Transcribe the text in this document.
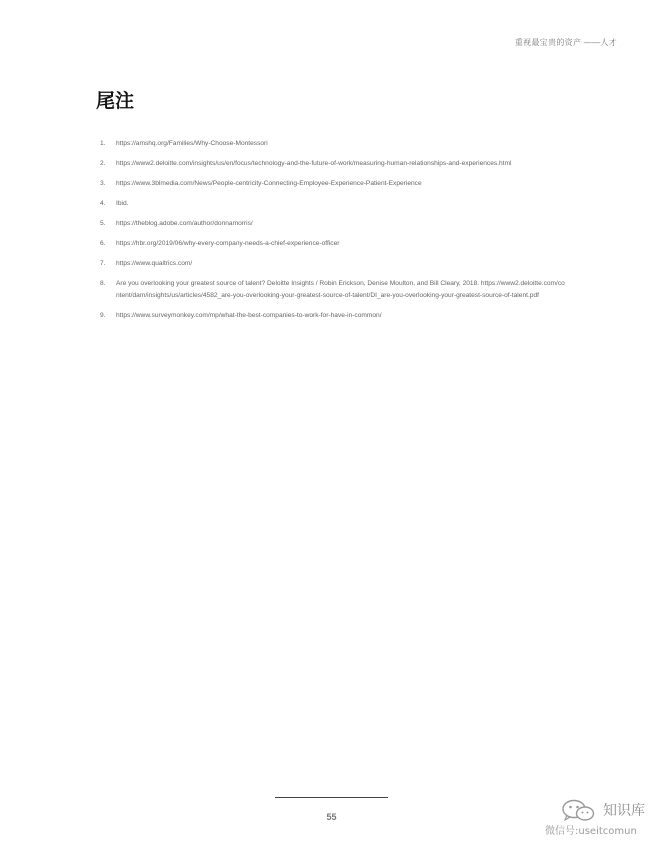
重视最宝贵的资产 ——人才
尾注
1.	https://amshq.org/Families/Why-Choose-Montessori
2.	https://www2.deloitte.com/insights/us/en/focus/technology-and-the-future-of-work/measuring-human-relationships-and-experiences.html
3.	https://www.3blmedia.com/News/People-centricity-Connecting-Employee-Experience-Patient-Experience
4.	Ibid.
5.	https://theblog.adobe.com/author/donnamorris/
6.	https://hbr.org/2019/06/why-every-company-needs-a-chief-experience-officer
7.	https://www.qualtrics.com/
8.	Are you overlooking your greatest source of talent? Deloitte Insights / Robin Erickson, Denise Moulton, and Bill Cleary, 2018. https://www2.deloitte.com/content/dam/insights/us/articles/4582_are-you-overlooking-your-greatest-source-of-talent/DI_are-you-overlooking-your-greatest-source-of-talent.pdf
9.	https://www.surveymonkey.com/mp/what-the-best-companies-to-work-for-have-in-common/
55	知识库
微信号:useitcomun
